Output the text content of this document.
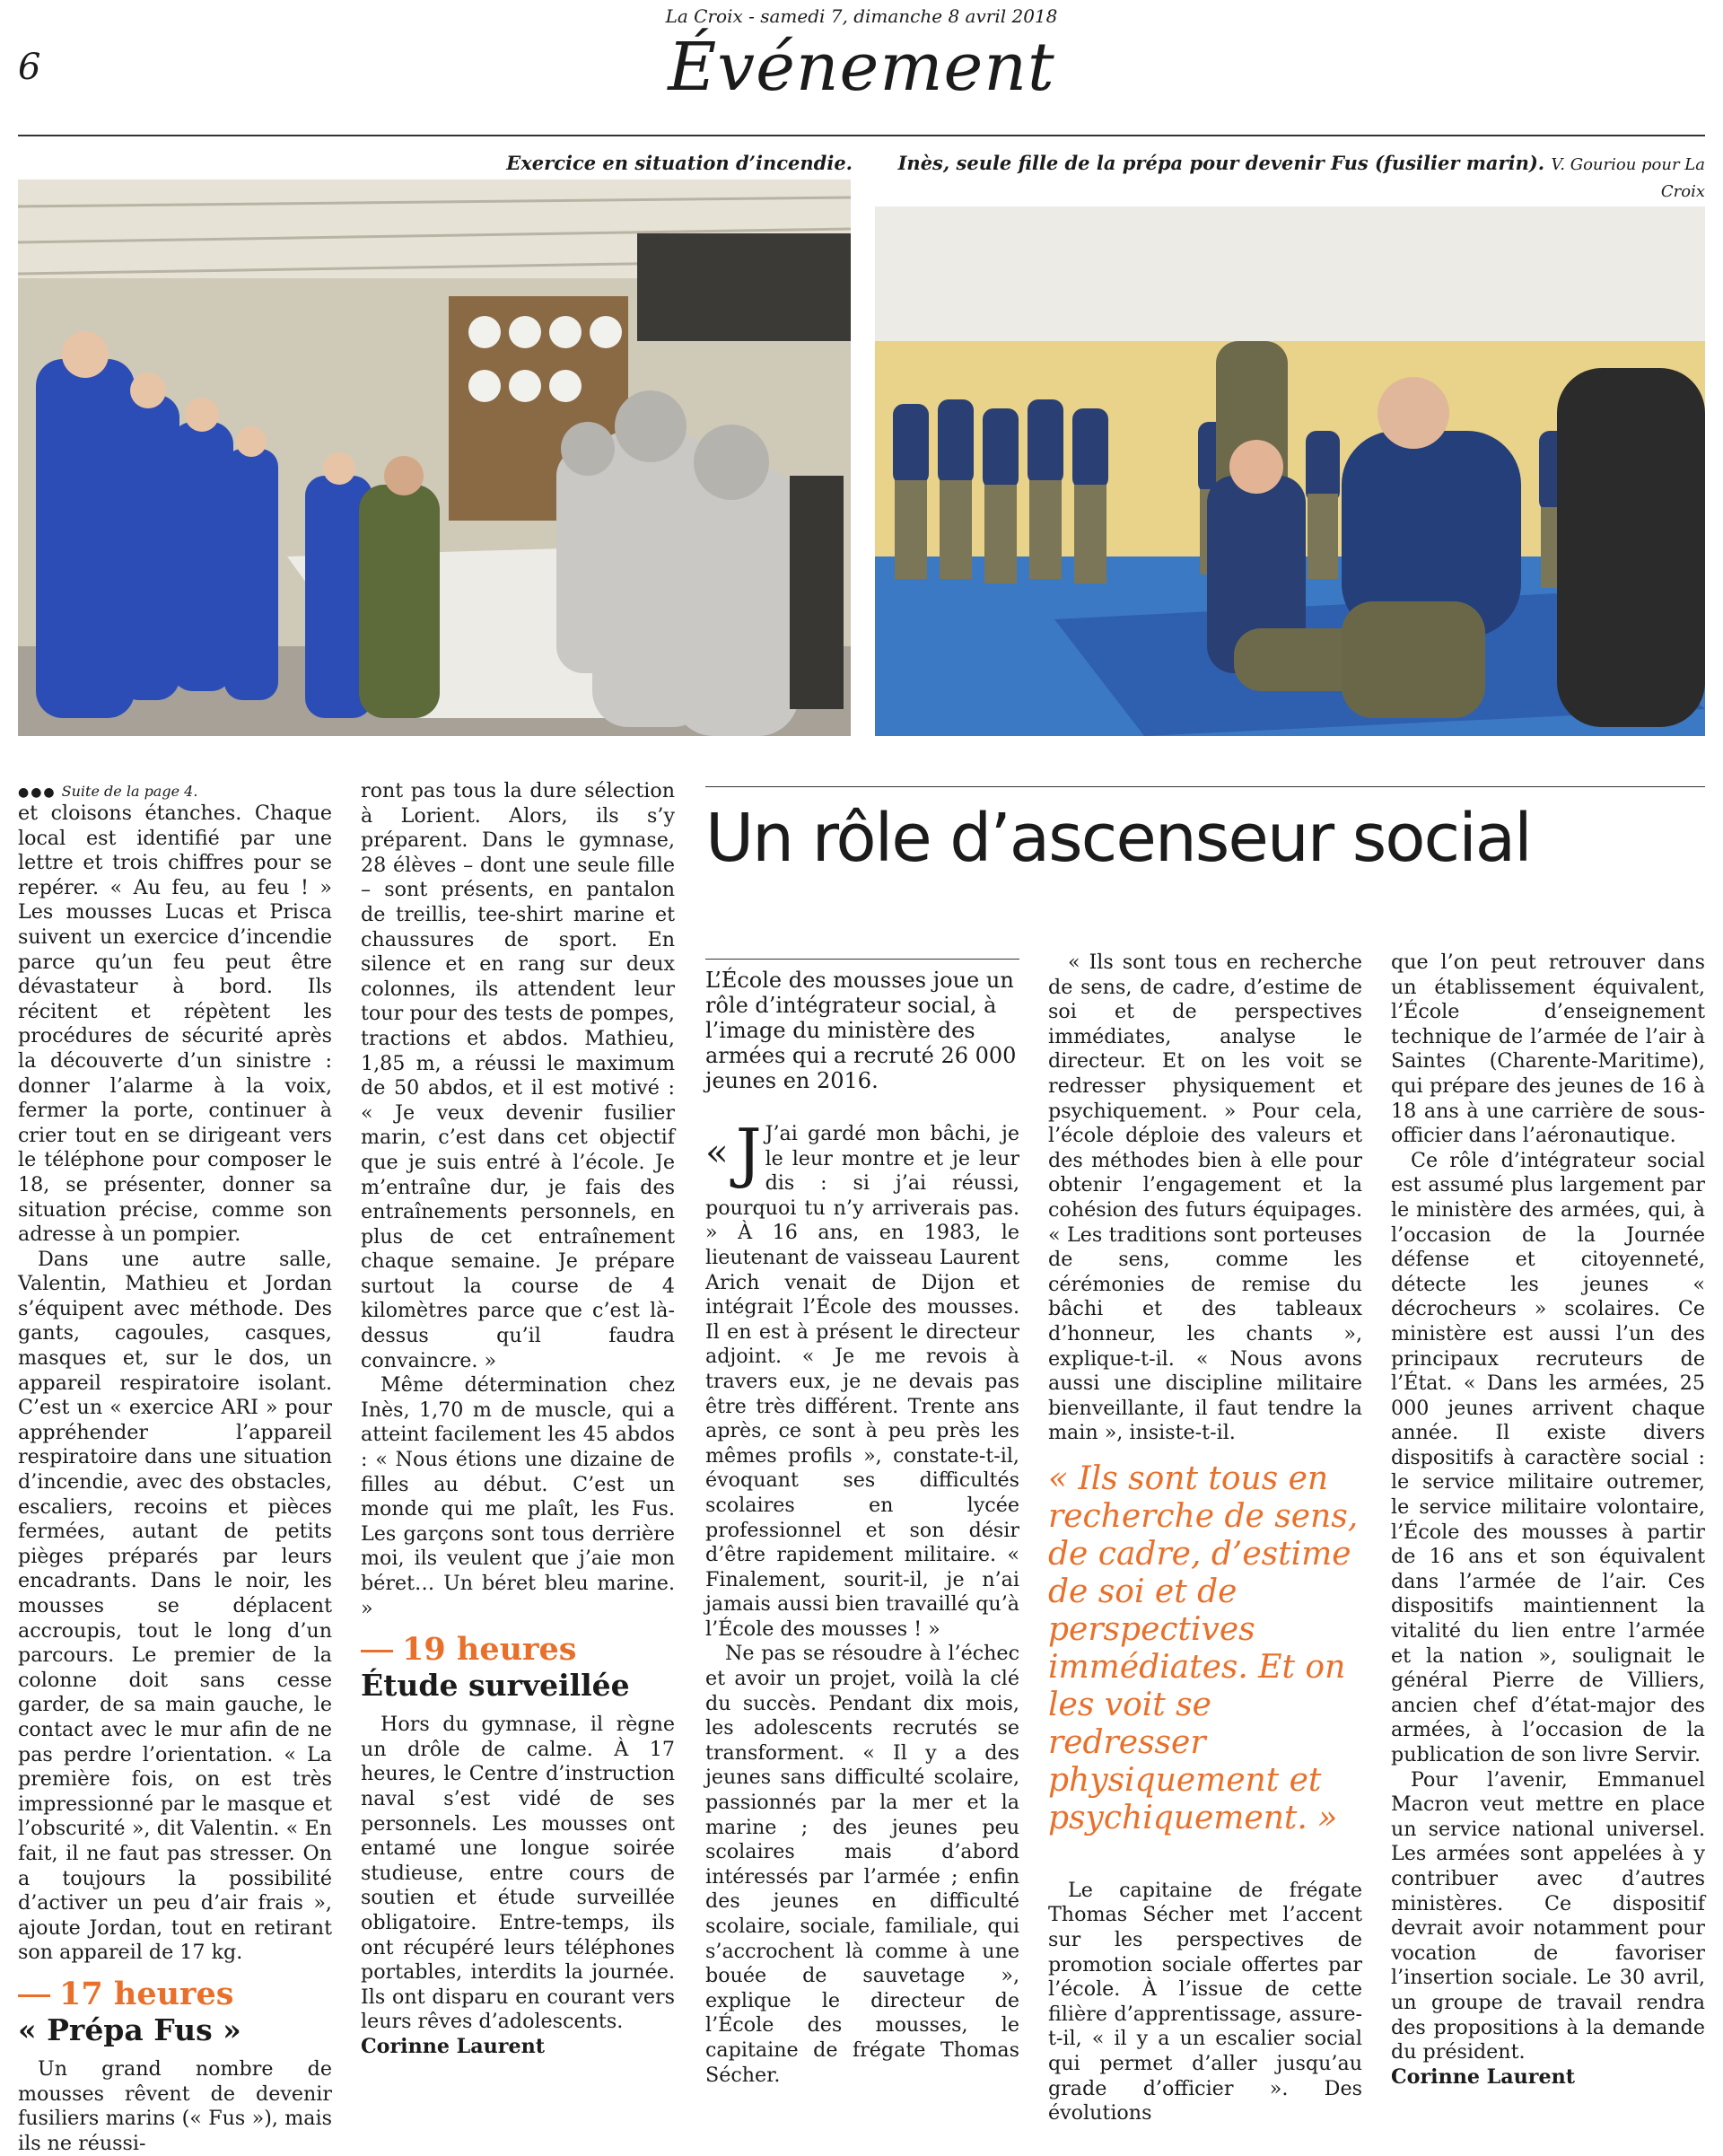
La Croix - samedi 7, dimanche 8 avril 2018
6	Événement
Exercice en situation d’incendie.	Inès, seule fille de la prépa pour devenir Fus (fusilier marin). V. Gouriou pour La Croix
●●● Suite de la page 4.

et cloisons étanches. Chaque local est identifié par une lettre et trois chiffres pour se repérer. « Au feu, au feu ! » Les mousses Lucas et Prisca suivent un exercice d’incendie parce qu’un feu peut être dévastateur à bord. Ils récitent et répètent les procédures de sécurité après la découverte d’un sinistre : donner l’alarme à la voix, fermer la porte, continuer à crier tout en se dirigeant vers le téléphone pour composer le 18, se présenter, donner sa situation précise, comme son adresse à un pompier.

Dans une autre salle, Valentin, Mathieu et Jordan s’équipent avec méthode. Des gants, cagoules, casques, masques et, sur le dos, un appareil respiratoire isolant. C’est un « exercice ARI » pour appréhender l’appareil respiratoire dans une situation d’incendie, avec des obstacles, escaliers, recoins et pièces fermées, autant de petits pièges préparés par leurs encadrants. Dans le noir, les mousses se déplacent accroupis, tout le long d’un parcours. Le premier de la colonne doit sans cesse garder, de sa main gauche, le contact avec le mur afin de ne pas perdre l’orientation. « La première fois, on est très impressionné par le masque et l’obscurité », dit Valentin. « En fait, il ne faut pas stresser. On a toujours la possibilité d’activer un peu d’air frais », ajoute Jordan, tout en retirant son appareil de 17 kg.

17 heures
« Prépa Fus »

Un grand nombre de mousses rêvent de devenir fusiliers marins (« Fus »), mais ils ne réussi-

ront pas tous la dure sélection à Lorient. Alors, ils s’y préparent. Dans le gymnase, 28 élèves – dont une seule fille – sont présents, en pantalon de treillis, tee-shirt marine et chaussures de sport. En silence et en rang sur deux colonnes, ils attendent leur tour pour des tests de pompes, tractions et abdos. Mathieu, 1,85 m, a réussi le maximum de 50 abdos, et il est motivé : « Je veux devenir fusilier marin, c’est dans cet objectif que je suis entré à l’école. Je m’entraîne dur, je fais des entraînements personnels, en plus de cet entraînement chaque semaine. Je prépare surtout la course de 4 kilomètres parce que c’est là-dessus qu’il faudra convaincre. »

Même détermination chez Inès, 1,70 m de muscle, qui a atteint facilement les 45 abdos : « Nous étions une dizaine de filles au début. C’est un monde qui me plaît, les Fus. Les garçons sont tous derrière moi, ils veulent que j’aie mon béret… Un béret bleu marine. »

19 heures
Étude surveillée

Hors du gymnase, il règne un drôle de calme. À 17 heures, le Centre d’instruction naval s’est vidé de ses personnels. Les mousses ont entamé une longue soirée studieuse, entre cours de soutien et étude surveillée obligatoire. Entre-temps, ils ont récupéré leurs téléphones portables, interdits la journée. Ils ont disparu en courant vers leurs rêves d’adolescents.

Corinne Laurent

Un rôle d’ascenseur social
L’École des mousses joue un rôle d’intégrateur social, à l’image du ministère des armées qui a recruté 26 000 jeunes en 2016.

« J J’ai gardé mon bâchi, je le leur montre et je leur dis : si j’ai réussi, pourquoi tu n’y arriverais pas. » À 16 ans, en 1983, le lieutenant de vaisseau Laurent Arich venait de Dijon et intégrait l’École des mousses. Il en est à présent le directeur adjoint. « Je me revois à travers eux, je ne devais pas être très différent. Trente ans après, ce sont à peu près les mêmes profils », constate-t-il, évoquant ses difficultés scolaires en lycée professionnel et son désir d’être rapidement militaire. « Finalement, sourit-il, je n’ai jamais aussi bien travaillé qu’à l’École des mousses ! »

Ne pas se résoudre à l’échec et avoir un projet, voilà la clé du succès. Pendant dix mois, les adolescents recrutés se transforment. « Il y a des jeunes sans difficulté scolaire, passionnés par la mer et la marine ; des jeunes peu scolaires mais d’abord intéressés par l’armée ; enfin des jeunes en difficulté scolaire, sociale, familiale, qui s’accrochent là comme à une bouée de sauvetage », explique le directeur de l’École des mousses, le capitaine de frégate Thomas Sécher.

« Ils sont tous en recherche de sens, de cadre, d’estime de soi et de perspectives immédiates, analyse le directeur. Et on les voit se redresser physiquement et psychiquement. » Pour cela, l’école déploie des valeurs et des méthodes bien à elle pour obtenir l’engagement et la cohésion des futurs équipages. « Les traditions sont porteuses de sens, comme les cérémonies de remise du bâchi et des tableaux d’honneur, les chants », explique-t-il. « Nous avons aussi une discipline militaire bienveillante, il faut tendre la main », insiste-t-il.

« Ils sont tous en recherche de sens, de cadre, d’estime de soi et de perspectives immédiates. Et on les voit se redresser physiquement et psychiquement. »

Le capitaine de frégate Thomas Sécher met l’accent sur les perspectives de promotion sociale offertes par l’école. À l’issue de cette filière d’apprentissage, assure-t-il, « il y a un escalier social qui permet d’aller jusqu’au grade d’officier ». Des évolutions

que l’on peut retrouver dans un établissement équivalent, l’École d’enseignement technique de l’armée de l’air à Saintes (Charente-Maritime), qui prépare des jeunes de 16 à 18 ans à une carrière de sous-officier dans l’aéronautique.

Ce rôle d’intégrateur social est assumé plus largement par le ministère des armées, qui, à l’occasion de la Journée défense et citoyenneté, détecte les jeunes « décrocheurs » scolaires. Ce ministère est aussi l’un des principaux recruteurs de l’État. « Dans les armées, 25 000 jeunes arrivent chaque année. Il existe divers dispositifs à caractère social : le service militaire outremer, le service militaire volontaire, l’École des mousses à partir de 16 ans et son équivalent dans l’armée de l’air. Ces dispositifs maintiennent la vitalité du lien entre l’armée et la nation », soulignait le général Pierre de Villiers, ancien chef d’état-major des armées, à l’occasion de la publication de son livre Servir.

Pour l’avenir, Emmanuel Macron veut mettre en place un service national universel. Les armées sont appelées à y contribuer avec d’autres ministères. Ce dispositif devrait avoir notamment pour vocation de favoriser l’insertion sociale. Le 30 avril, un groupe de travail rendra des propositions à la demande du président.

Corinne Laurent
